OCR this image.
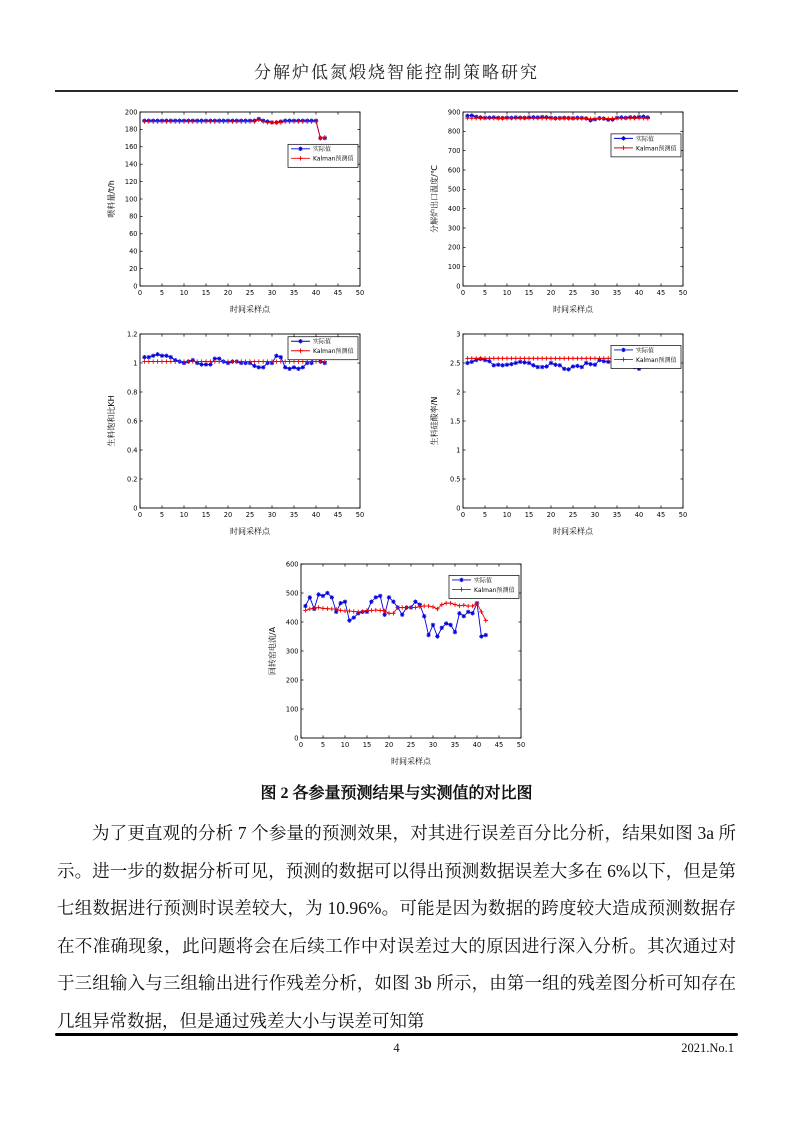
分解炉低氮煅烧智能控制策略研究
0	5 10 15 20 25 30 35 40 45 50
0
20
40
60
80
100
120
140
160
180
200
时间采样点
喂料量/t/h
实际值
Kalman预测值
0	5 10 15 20 25 30 35 40 45 50
0
100
200
300
400
500
600
700
800
900
时间采样点
分解炉出口温度/℃
实际值
Kalman预测值
0	5 10 15 20 25 30 35 40 45 50
0
0.2
0.4
0.6
0.8
1
1.2
时间采样点
生料饱和比KH
实际值
Kalman预测值
0	5 10 15 20 25 30 35 40 45 50
0
0.5
1
1.5
2
2.5
3
时间采样点
生料硅酸率/N
实际值
Kalman预测值
0	5 10 15 20 25 30 35 40 45 50
0
100
200
300
400
500
600
时间采样点
回转窑电流/A
实际值
Kalman预测值
图 2 各参量预测结果与实测值的对比图

为了更直观的分析 7 个参量的预测效果，对其进行误差百分比分析，结果如图 3a 所示。进一步的数据分析可见，预测的数据可以得出预测数据误差大多在 6%以下，但是第七组数据进行预测时误差较大，为 10.96%。可能是因为数据的跨度较大造成预测数据存在不准确现象，此问题将会在后续工作中对误差过大的原因进行深入分析。其次通过对于三组输入与三组输出进行作残差分析，如图 3b 所示，由第一组的残差图分析可知存在几组异常数据，但是通过残差大小与误差可知第

4	2021.No.1
